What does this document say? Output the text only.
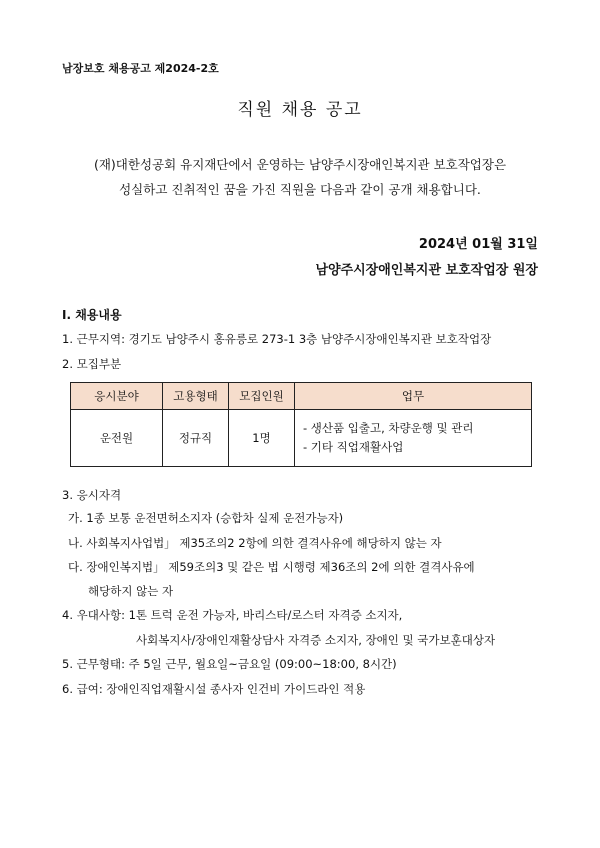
남장보호 채용공고 제2024-2호
직원 채용 공고
(재)대한성공회 유지재단에서 운영하는 남양주시장애인복지관 보호작업장은
성실하고 진취적인 꿈을 가진 직원을 다음과 같이 공개 채용합니다.
2024년 01월 31일
남양주시장애인복지관 보호작업장 원장
Ⅰ. 채용내용
1. 근무지역: 경기도 남양주시 홍유릉로 273-1 3층 남양주시장애인복지관 보호작업장
2. 모집부분
응시분야	고용형태	모집인원	업무
운전원	정규직	1명	- 생산품 입출고, 차량운행 및 관리
- 기타 직업재활사업
3. 응시자격
가. 1종 보통 운전면허소지자 (승합차 실제 운전가능자)
나. 사회복지사업법」 제35조의2 2항에 의한 결격사유에 해당하지 않는 자
다. 장애인복지법」 제59조의3 및 같은 법 시행령 제36조의 2에 의한 결격사유에
해당하지 않는 자
4. 우대사항: 1톤 트럭 운전 가능자, 바리스타/로스터 자격증 소지자,
사회복지사/장애인재활상담사 자격증 소지자, 장애인 및 국가보훈대상자
5. 근무형태: 주 5일 근무, 월요일~금요일 (09:00~18:00, 8시간)
6. 급여: 장애인직업재활시설 종사자 인건비 가이드라인 적용
